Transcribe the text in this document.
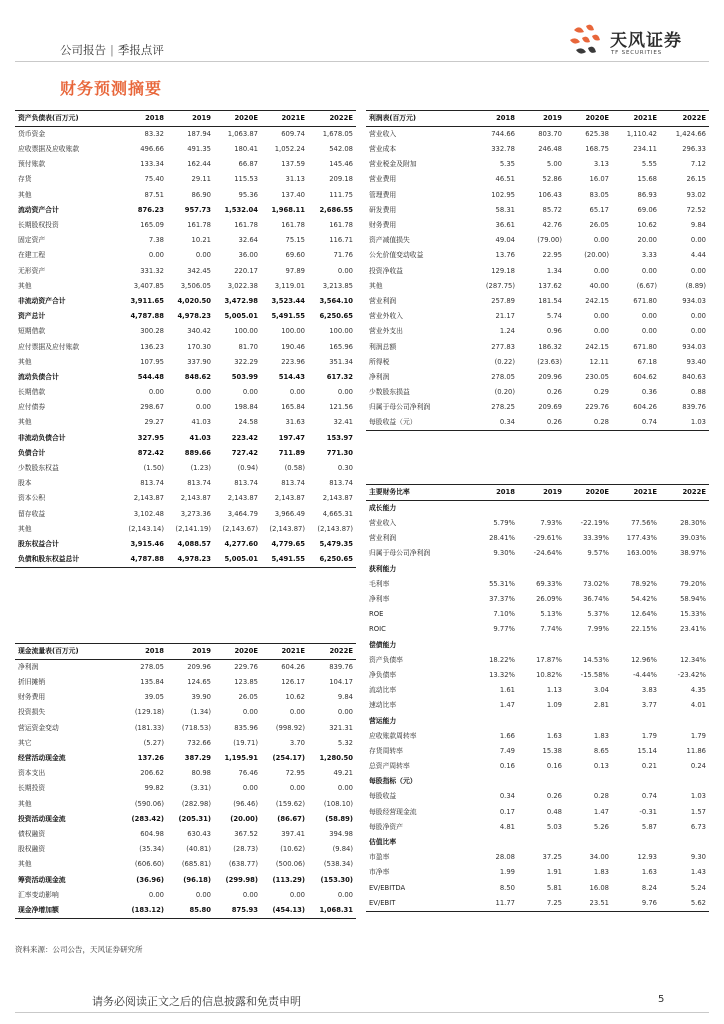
公司报告 | 季报点评	天风证券
TF SECURITIES
财务预测摘要
资产负债表(百万元)	2018	2019	2020E	2021E	2022E
货币资金	83.32	187.94	1,063.87	609.74	1,678.05
应收票据及应收账款	496.66	491.35	180.41	1,052.24	542.08
预付账款	133.34	162.44	66.87	137.59	145.46
存货	75.40	29.11	115.53	31.13	209.18
其他	87.51	86.90	95.36	137.40	111.75
流动资产合计	876.23	957.73	1,532.04	1,968.11	2,686.55
长期股权投资	165.09	161.78	161.78	161.78	161.78
固定资产	7.38	10.21	32.64	75.15	116.71
在建工程	0.00	0.00	36.00	69.60	71.76
无形资产	331.32	342.45	220.17	97.89	0.00
其他	3,407.85	3,506.05	3,022.38	3,119.01	3,213.85
非流动资产合计	3,911.65	4,020.50	3,472.98	3,523.44	3,564.10
资产总计	4,787.88	4,978.23	5,005.01	5,491.55	6,250.65
短期借款	300.28	340.42	100.00	100.00	100.00
应付票据及应付账款	136.23	170.30	81.70	190.46	165.96
其他	107.95	337.90	322.29	223.96	351.34
流动负债合计	544.48	848.62	503.99	514.43	617.32
长期借款	0.00	0.00	0.00	0.00	0.00
应付债券	298.67	0.00	198.84	165.84	121.56
其他	29.27	41.03	24.58	31.63	32.41
非流动负债合计	327.95	41.03	223.42	197.47	153.97
负债合计	872.42	889.66	727.42	711.89	771.30
少数股东权益	(1.50)	(1.23)	(0.94)	(0.58)	0.30
股本	813.74	813.74	813.74	813.74	813.74
资本公积	2,143.87	2,143.87	2,143.87	2,143.87	2,143.87
留存收益	3,102.48	3,273.36	3,464.79	3,966.49	4,665.31
其他	(2,143.14)	(2,141.19)	(2,143.67)	(2,143.87)	(2,143.87)
股东权益合计	3,915.46	4,088.57	4,277.60	4,779.65	5,479.35
负债和股东权益总计	4,787.88	4,978.23	5,005.01	5,491.55	6,250.65
利润表(百万元)	2018	2019	2020E	2021E	2022E
营业收入	744.66	803.70	625.38	1,110.42	1,424.66
营业成本	332.78	246.48	168.75	234.11	296.33
营业税金及附加	5.35	5.00	3.13	5.55	7.12
营业费用	46.51	52.86	16.07	15.68	26.15
管理费用	102.95	106.43	83.05	86.93	93.02
研发费用	58.31	85.72	65.17	69.06	72.52
财务费用	36.61	42.76	26.05	10.62	9.84
资产减值损失	49.04	(79.00)	0.00	20.00	0.00
公允价值变动收益	13.76	22.95	(20.00)	3.33	4.44
投资净收益	129.18	1.34	0.00	0.00	0.00
其他	(287.75)	137.62	40.00	(6.67)	(8.89)
营业利润	257.89	181.54	242.15	671.80	934.03
营业外收入	21.17	5.74	0.00	0.00	0.00
营业外支出	1.24	0.96	0.00	0.00	0.00
利润总额	277.83	186.32	242.15	671.80	934.03
所得税	(0.22)	(23.63)	12.11	67.18	93.40
净利润	278.05	209.96	230.05	604.62	840.63
少数股东损益	(0.20)	0.26	0.29	0.36	0.88
归属于母公司净利润	278.25	209.69	229.76	604.26	839.76
每股收益（元）	0.34	0.26	0.28	0.74	1.03
主要财务比率	2018	2019	2020E	2021E	2022E
成长能力					
营业收入	5.79%	7.93%	-22.19%	77.56%	28.30%
营业利润	28.41%	-29.61%	33.39%	177.43%	39.03%
归属于母公司净利润	9.30%	-24.64%	9.57%	163.00%	38.97%
获利能力					
毛利率	55.31%	69.33%	73.02%	78.92%	79.20%
净利率	37.37%	26.09%	36.74%	54.42%	58.94%
ROE	7.10%	5.13%	5.37%	12.64%	15.33%
ROIC	9.77%	7.74%	7.99%	22.15%	23.41%
偿债能力					
资产负债率	18.22%	17.87%	14.53%	12.96%	12.34%
净负债率	13.32%	10.82%	-15.58%	-4.44%	-23.42%
流动比率	1.61	1.13	3.04	3.83	4.35
速动比率	1.47	1.09	2.81	3.77	4.01
营运能力					
应收账款周转率	1.66	1.63	1.83	1.79	1.79
存货周转率	7.49	15.38	8.65	15.14	11.86
总资产周转率	0.16	0.16	0.13	0.21	0.24
每股指标（元）					
每股收益	0.34	0.26	0.28	0.74	1.03
每股经营现金流	0.17	0.48	1.47	-0.31	1.57
每股净资产	4.81	5.03	5.26	5.87	6.73
估值比率					
市盈率	28.08	37.25	34.00	12.93	9.30
市净率	1.99	1.91	1.83	1.63	1.43
EV/EBITDA	8.50	5.81	16.08	8.24	5.24
EV/EBIT	11.77	7.25	23.51	9.76	5.62
现金流量表(百万元)	2018	2019	2020E	2021E	2022E
净利润	278.05	209.96	229.76	604.26	839.76
折旧摊销	135.84	124.65	123.85	126.17	104.17
财务费用	39.05	39.90	26.05	10.62	9.84
投资损失	(129.18)	(1.34)	0.00	0.00	0.00
营运资金变动	(181.33)	(718.53)	835.96	(998.92)	321.31
其它	(5.27)	732.66	(19.71)	3.70	5.32
经营活动现金流	137.26	387.29	1,195.91	(254.17)	1,280.50
资本支出	206.62	80.98	76.46	72.95	49.21
长期投资	99.82	(3.31)	0.00	0.00	0.00
其他	(590.06)	(282.98)	(96.46)	(159.62)	(108.10)
投资活动现金流	(283.42)	(205.31)	(20.00)	(86.67)	(58.89)
债权融资	604.98	630.43	367.52	397.41	394.98
股权融资	(35.34)	(40.81)	(28.73)	(10.62)	(9.84)
其他	(606.60)	(685.81)	(638.77)	(500.06)	(538.34)
筹资活动现金流	(36.96)	(96.18)	(299.98)	(113.29)	(153.30)
汇率变动影响	0.00	0.00	0.00	0.00	0.00
现金净增加额	(183.12)	85.80	875.93	(454.13)	1,068.31
资料来源：公司公告，天风证券研究所
请务必阅读正文之后的信息披露和免责申明	5
